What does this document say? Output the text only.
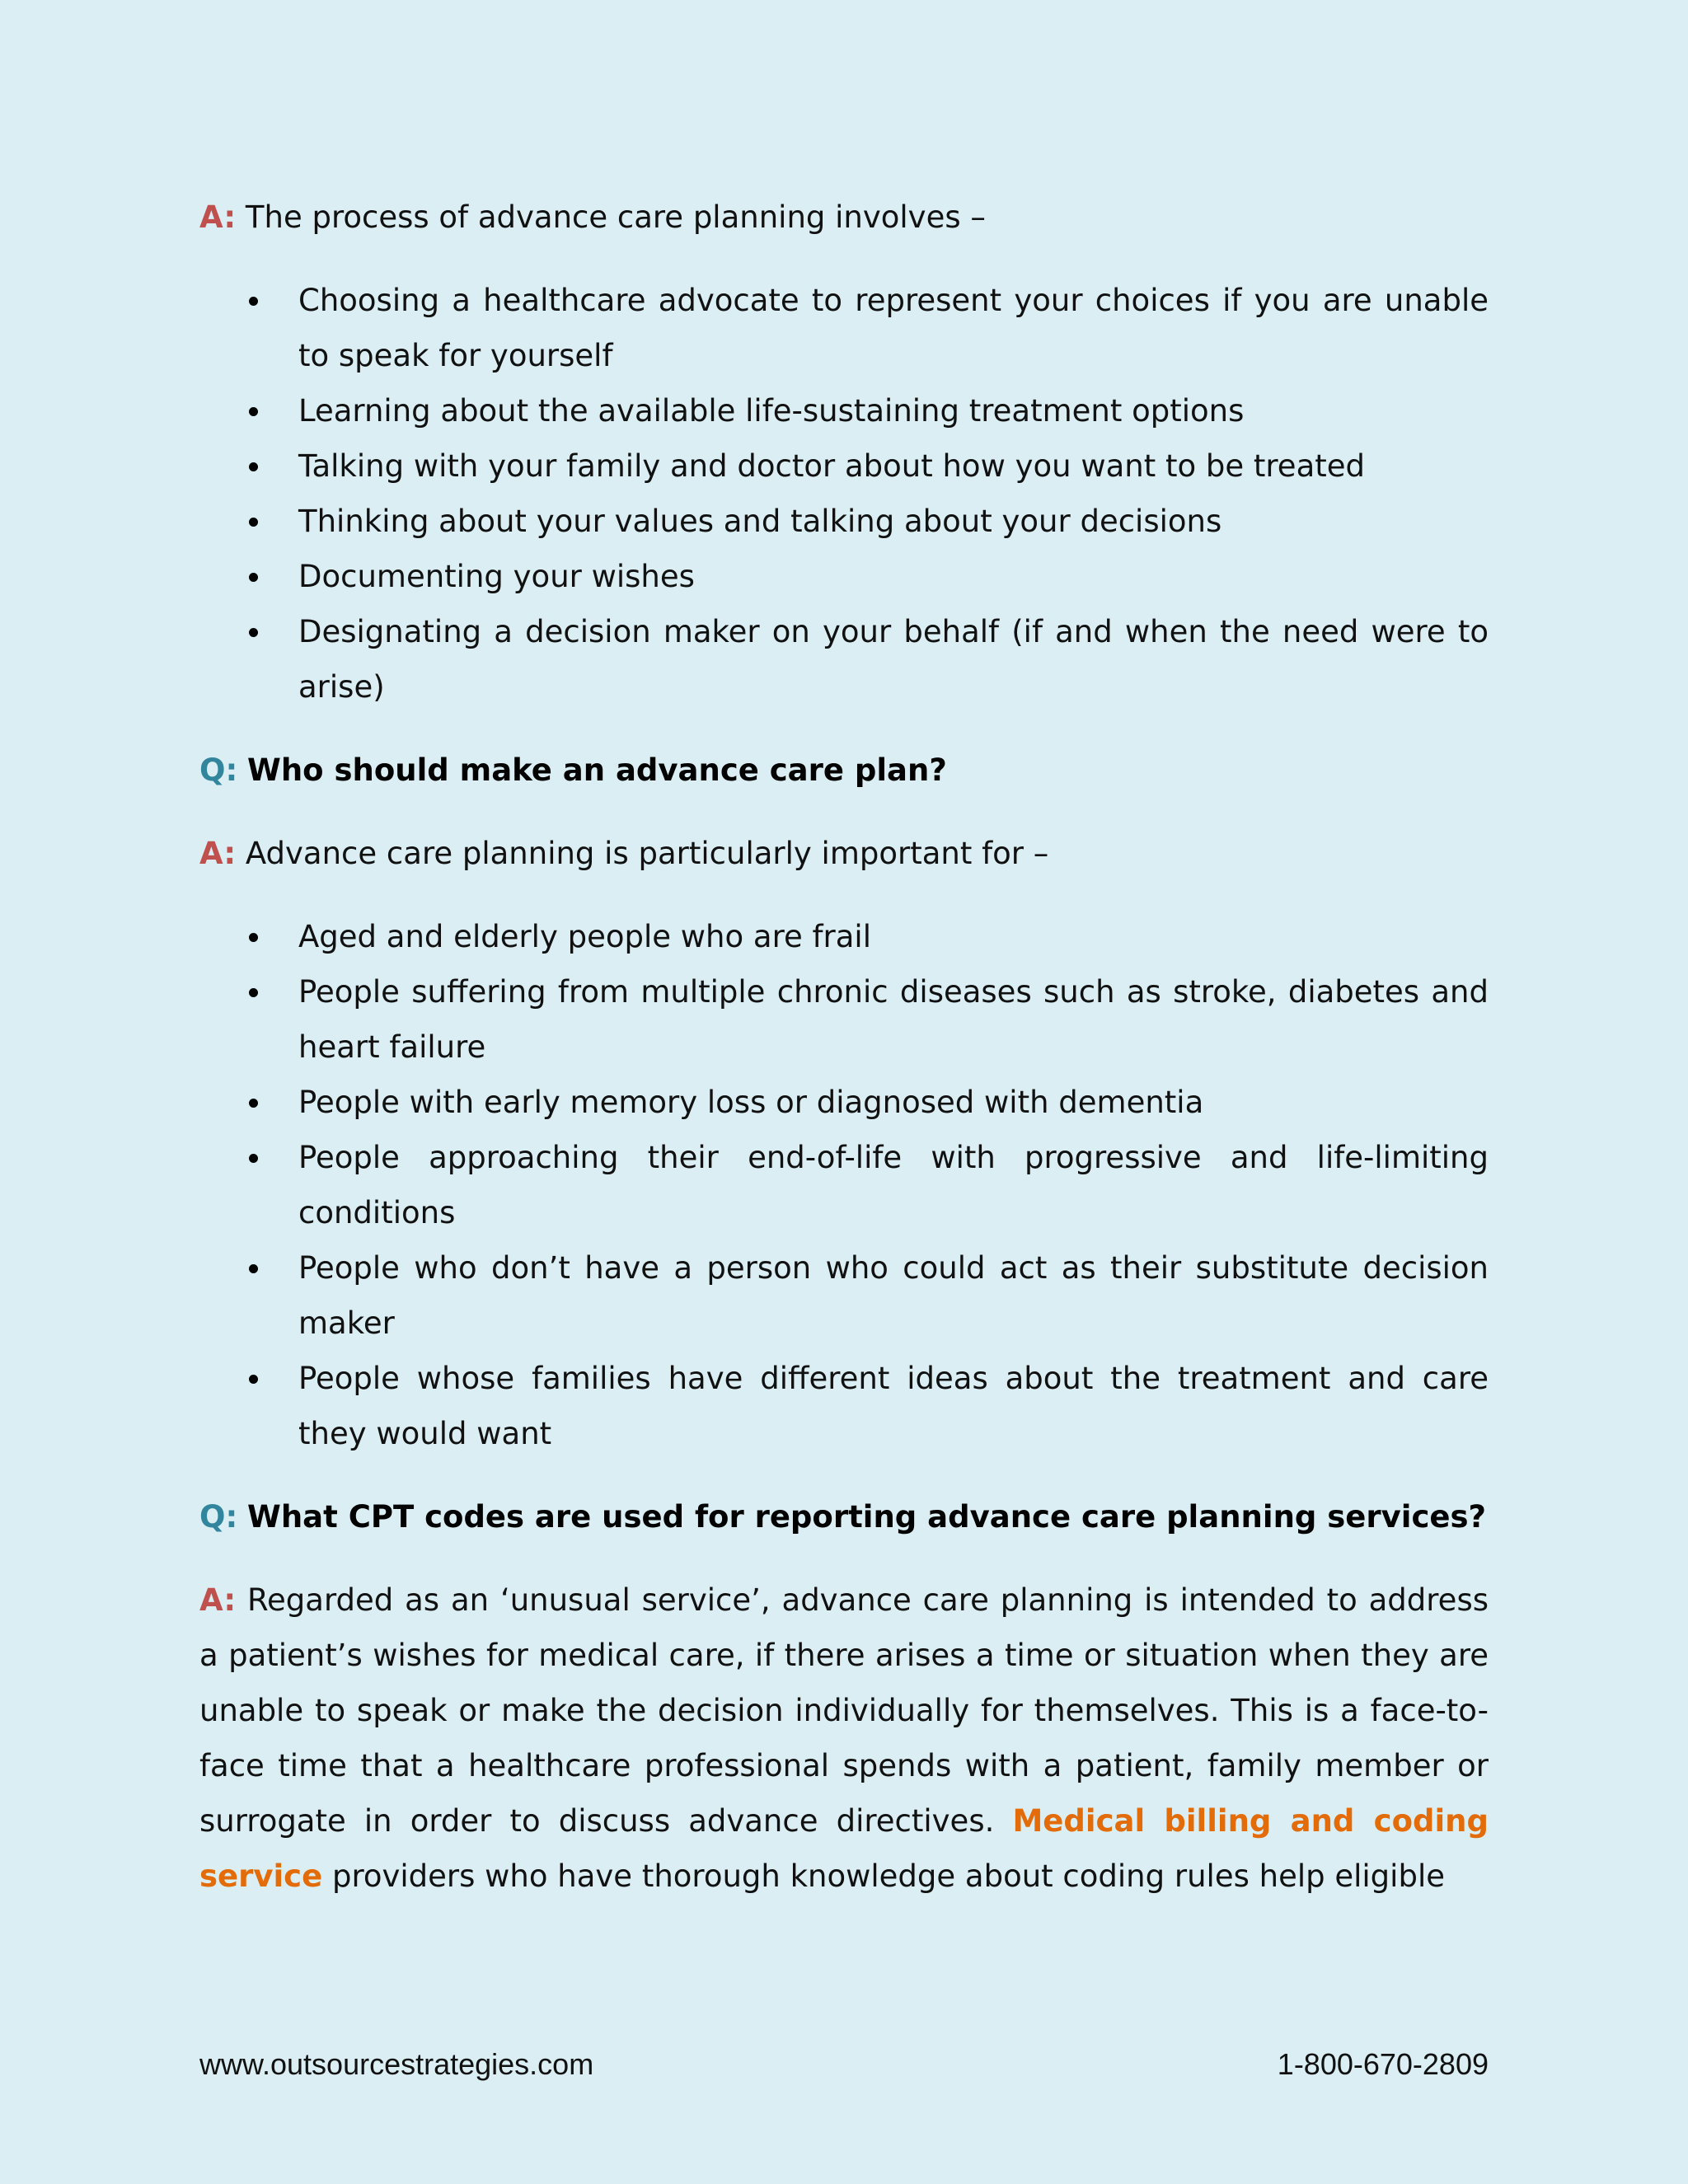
A: The process of advance care planning involves –

Choosing a healthcare advocate to represent your choices if you are unable to speak for yourself
Learning about the available life-sustaining treatment options
Talking with your family and doctor about how you want to be treated
Thinking about your values and talking about your decisions
Documenting your wishes
Designating a decision maker on your behalf (if and when the need were to arise)

Q: Who should make an advance care plan?

A: Advance care planning is particularly important for –

Aged and elderly people who are frail
People suffering from multiple chronic diseases such as stroke, diabetes and heart failure
People with early memory loss or diagnosed with dementia
People approaching their end-of-life with progressive and life-limiting conditions
People who don’t have a person who could act as their substitute decision maker
People whose families have different ideas about the treatment and care they would want

Q: What CPT codes are used for reporting advance care planning services?

A: Regarded as an ‘unusual service’, advance care planning is intended to address a patient’s wishes for medical care, if there arises a time or situation when they are unable to speak or make the decision individually for themselves. This is a face-to-face time that a healthcare professional spends with a patient, family member or surrogate in order to discuss advance directives. Medical billing and coding service providers who have thorough knowledge about coding rules help eligible

www.outsourcestrategies.com	1-800-670-2809
